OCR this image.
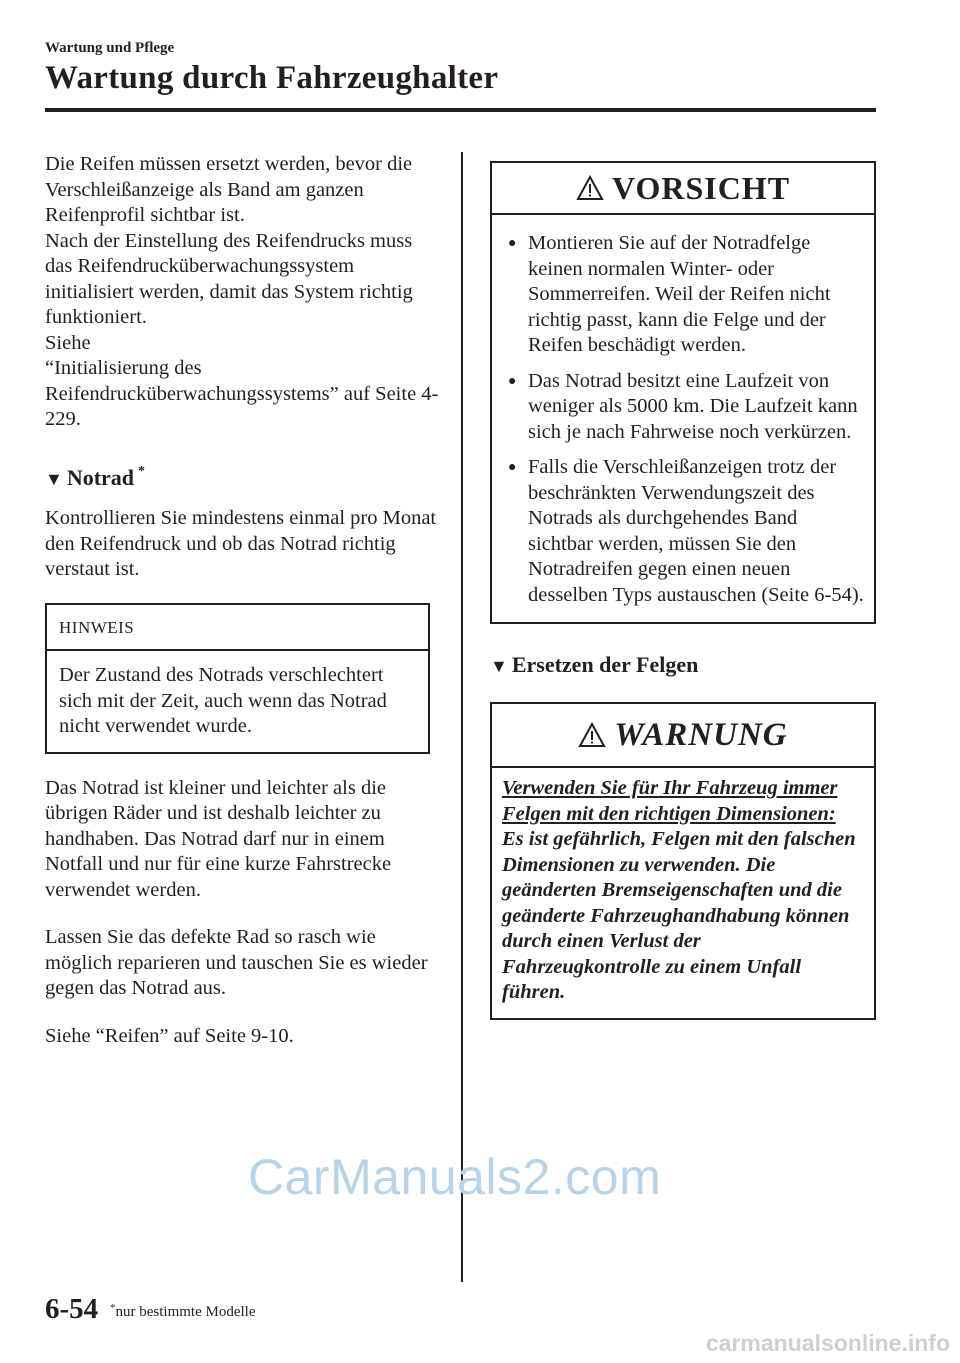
Wartung und Pflege
Wartung durch Fahrzeughalter

Die Reifen müssen ersetzt werden, bevor die Verschleißanzeige als Band am ganzen Reifenprofil sichtbar ist.

Nach der Einstellung des Reifendrucks muss das Reifendrucküberwachungssystem initialisiert werden, damit das System richtig funktioniert.

Siehe

“Initialisierung des Reifendrucküberwachungssystems” auf Seite 4-229.

▼ Notrad *

Kontrollieren Sie mindestens einmal pro Monat den Reifendruck und ob das Notrad richtig verstaut ist.

HINWEIS
Der Zustand des Notrads verschlechtert sich mit der Zeit, auch wenn das Notrad nicht verwendet wurde.

Das Notrad ist kleiner und leichter als die übrigen Räder und ist deshalb leichter zu handhaben. Das Notrad darf nur in einem Notfall und nur für eine kurze Fahrstrecke verwendet werden.

Lassen Sie das defekte Rad so rasch wie möglich reparieren und tauschen Sie es wieder gegen das Notrad aus.

Siehe “Reifen” auf Seite 9-10.

VORSICHT
● Montieren Sie auf der Notradfelge keinen normalen Winter- oder Sommerreifen. Weil der Reifen nicht richtig passt, kann die Felge und der Reifen beschädigt werden.
● Das Notrad besitzt eine Laufzeit von weniger als 5000 km. Die Laufzeit kann sich je nach Fahrweise noch verkürzen.
● Falls die Verschleißanzeigen trotz der beschränkten Verwendungszeit des Notrads als durchgehendes Band sichtbar werden, müssen Sie den Notradreifen gegen einen neuen desselben Typs austauschen (Seite 6-54).
▼ Ersetzen der Felgen
WARNUNG
Verwenden Sie für Ihr Fahrzeug immer Felgen mit den richtigen Dimensionen:
Es ist gefährlich, Felgen mit den falschen Dimensionen zu verwenden. Die geänderten Bremseigenschaften und die geänderte Fahrzeughandhabung können durch einen Verlust der Fahrzeugkontrolle zu einem Unfall führen.
6-54 *nur bestimmte Modelle
CarManuals2.com
carmanualsonline.info
